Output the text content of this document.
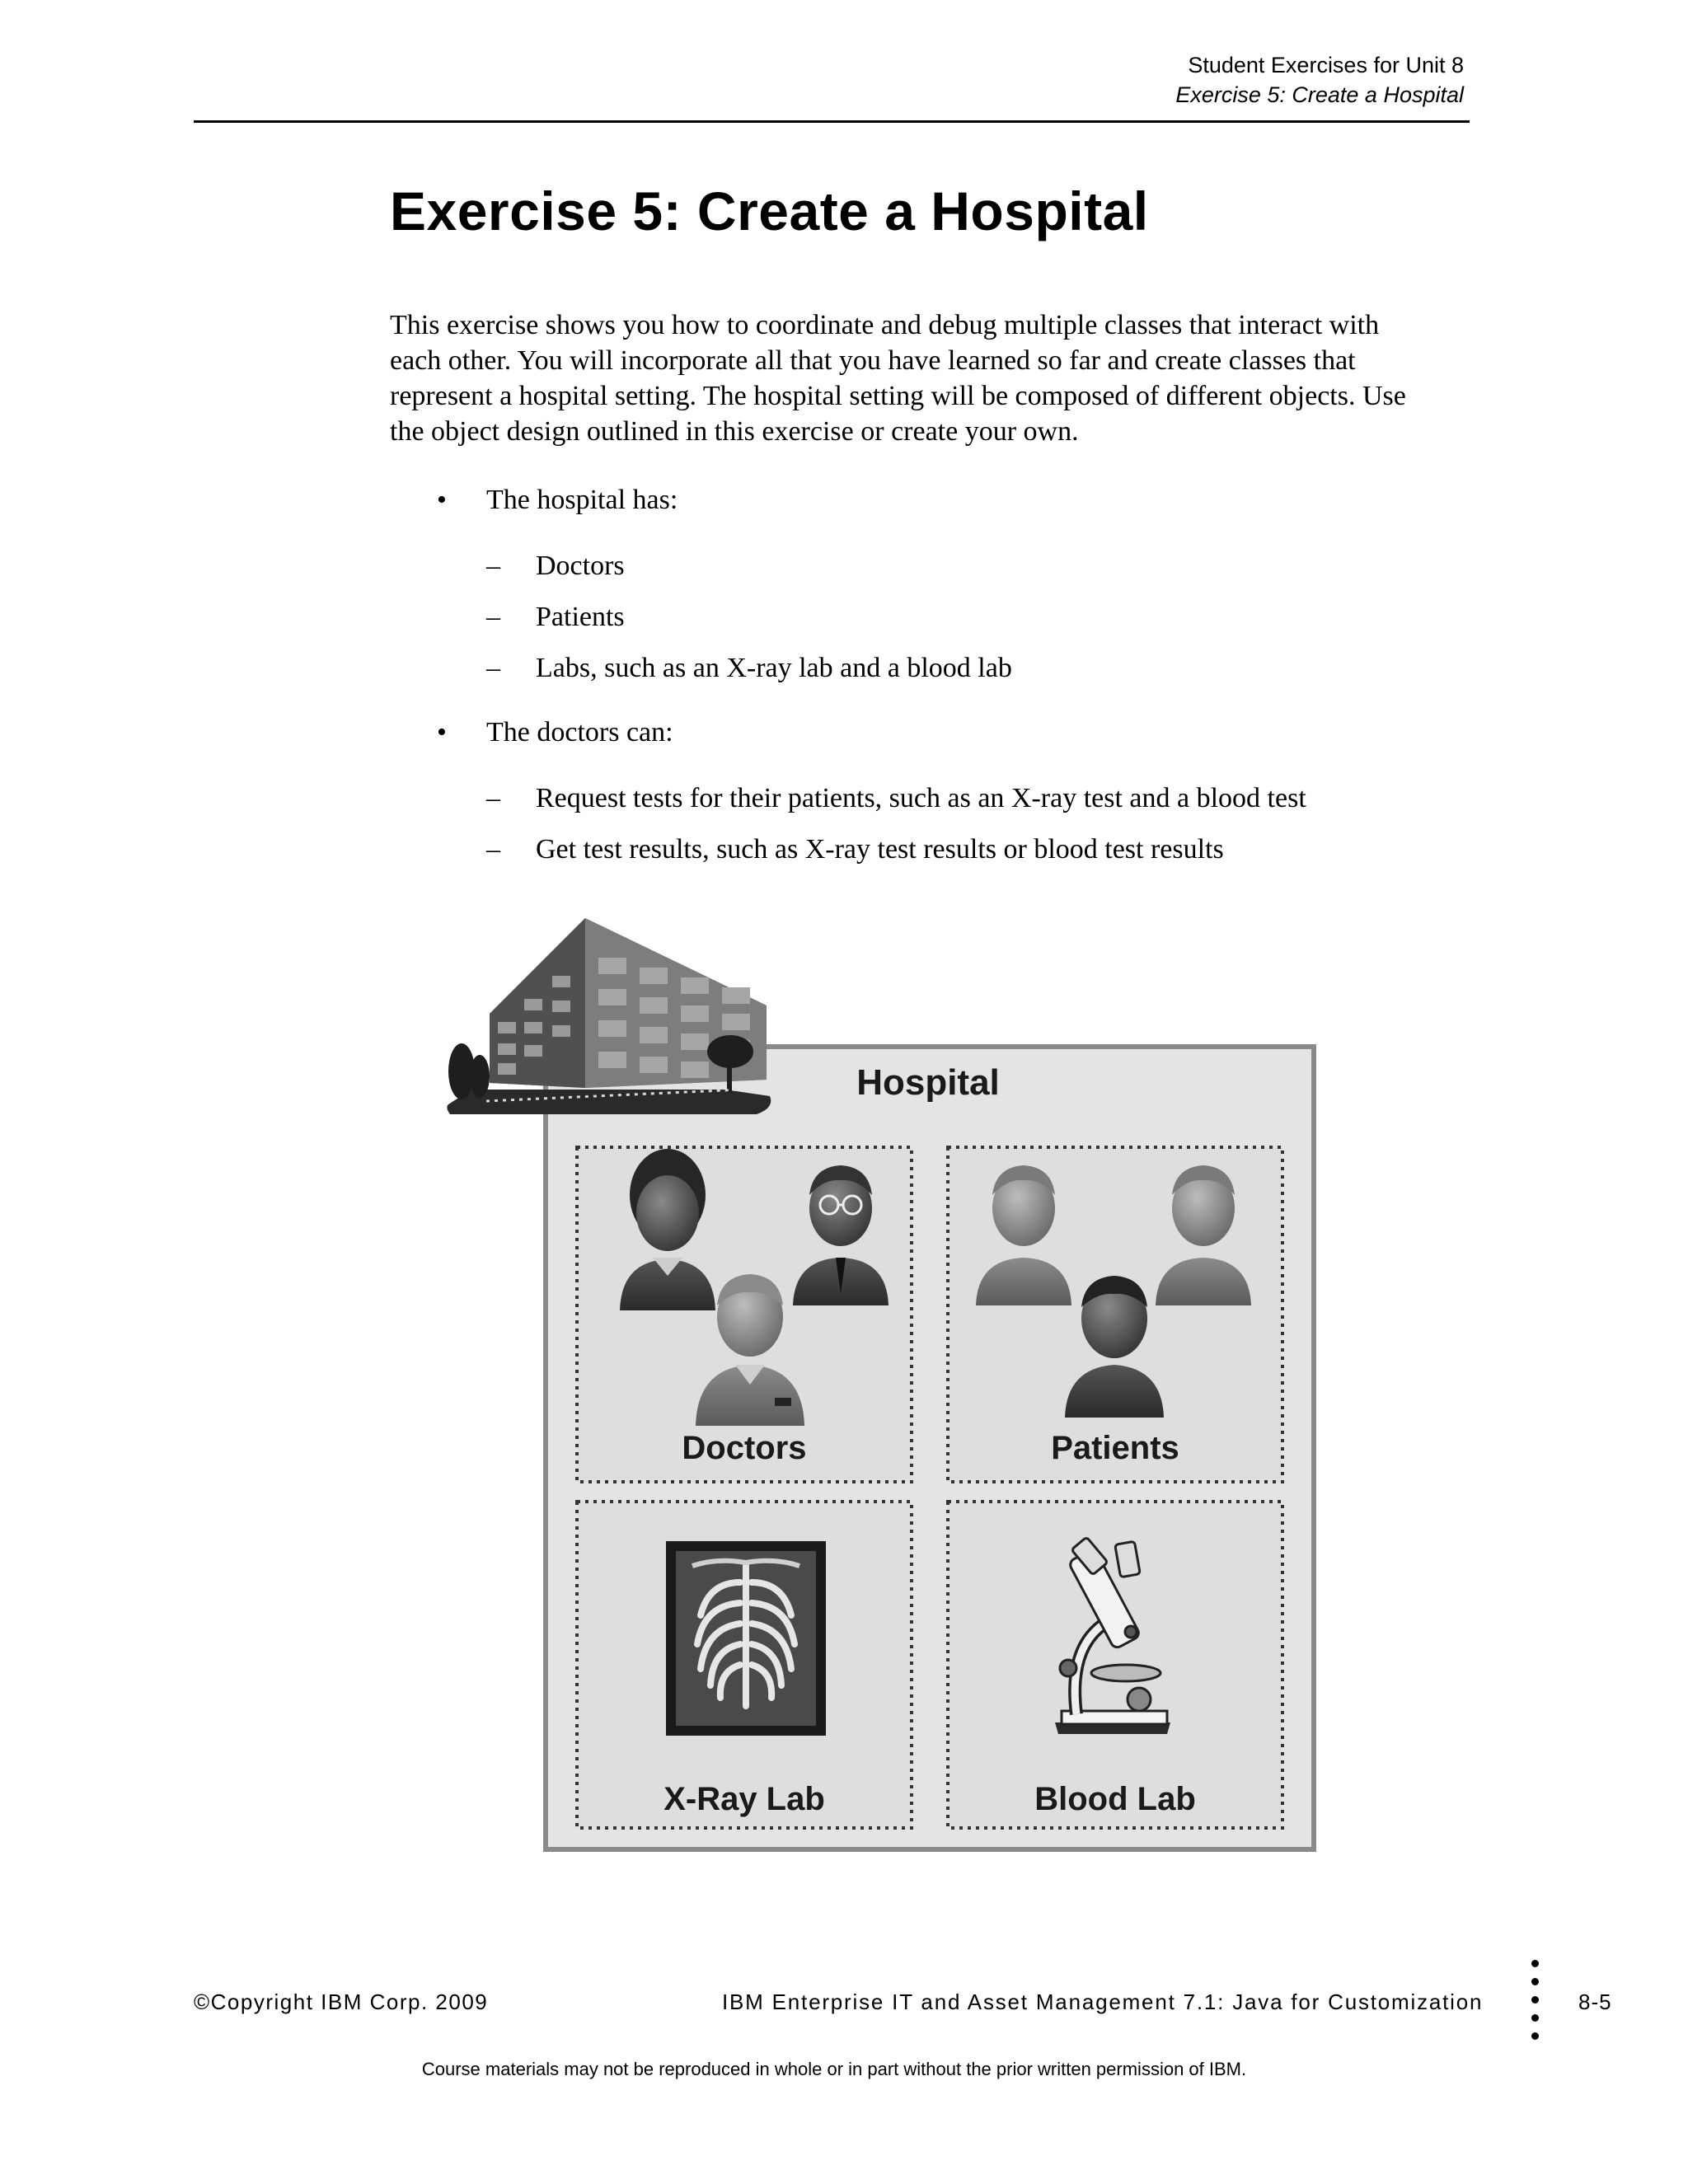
Student Exercises for Unit 8
Exercise 5: Create a Hospital
Exercise 5: Create a Hospital

This exercise shows you how to coordinate and debug multiple classes that interact with
each other. You will incorporate all that you have learned so far and create classes that
represent a hospital setting. The hospital setting will be composed of different objects. Use
the object design outlined in this exercise or create your own.

• The hospital has:
– Doctors
– Patients
– Labs, such as an X-ray lab and a blood lab
• The doctors can:
– Request tests for their patients, such as an X-ray test and a blood test
– Get test results, such as X-ray test results or blood test results
Hospital
Doctors	Patients
X-Ray Lab	Blood Lab
©Copyright IBM Corp. 2009	IBM Enterprise IT and Asset Management 7.1: Java for Customization	8-5
Course materials may not be reproduced in whole or in part without the prior written permission of IBM.
